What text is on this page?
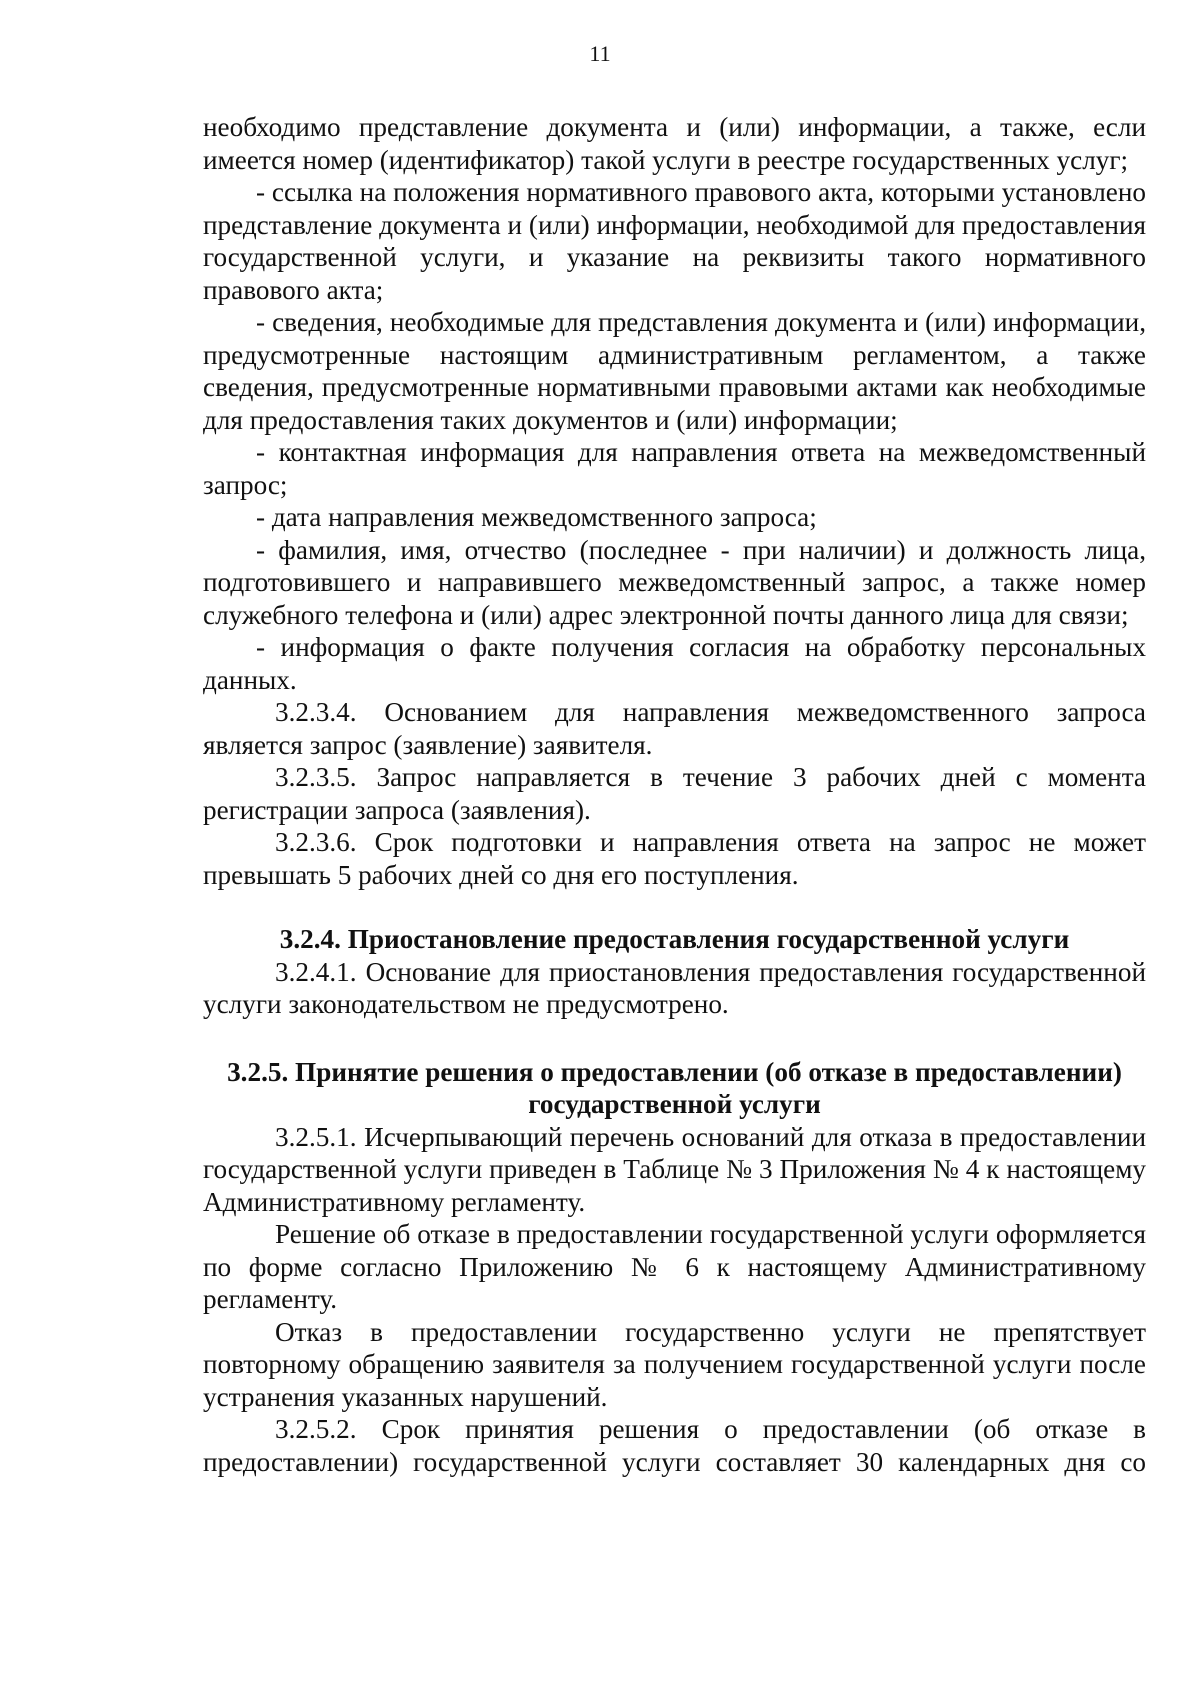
11

необходимо представление документа и (или) информации, а также, если имеется номер (идентификатор) такой услуги в реестре государственных услуг;

- ссылка на положения нормативного правового акта, которыми установлено представление документа и (или) информации, необходимой для предоставления государственной услуги, и указание на реквизиты такого нормативного правового акта;

- сведения, необходимые для представления документа и (или) информации, предусмотренные настоящим административным регламентом, а также сведения, предусмотренные нормативными правовыми актами как необходимые для предоставления таких документов и (или) информации;

- контактная информация для направления ответа на межведомственный запрос;

- дата направления межведомственного запроса;

- фамилия, имя, отчество (последнее - при наличии) и должность лица, подготовившего и направившего межведомственный запрос, а также номер служебного телефона и (или) адрес электронной почты данного лица для связи;

- информация о факте получения согласия на обработку персональных данных.

3.2.3.4. Основанием для направления межведомственного запроса является запрос (заявление) заявителя.

3.2.3.5. Запрос направляется в течение 3 рабочих дней с момента регистрации запроса (заявления).

3.2.3.6. Срок подготовки и направления ответа на запрос не может превышать 5 рабочих дней со дня его поступления.

3.2.4. Приостановление предоставления государственной услуги

3.2.4.1. Основание для приостановления предоставления государственной услуги законодательством не предусмотрено.

3.2.5. Принятие решения о предоставлении (об отказе в предоставлении)

государственной услуги

3.2.5.1. Исчерпывающий перечень оснований для отказа в предоставлении государственной услуги приведен в Таблице № 3 Приложения № 4 к настоящему Административному регламенту.

Решение об отказе в предоставлении государственной услуги оформляется по форме согласно Приложению № 6 к настоящему Административному регламенту.

Отказ в предоставлении государственно услуги не препятствует повторному обращению заявителя за получением государственной услуги после устранения указанных нарушений.

3.2.5.2. Срок принятия решения о предоставлении (об отказе в предоставлении) государственной услуги составляет 30 календарных дня со
